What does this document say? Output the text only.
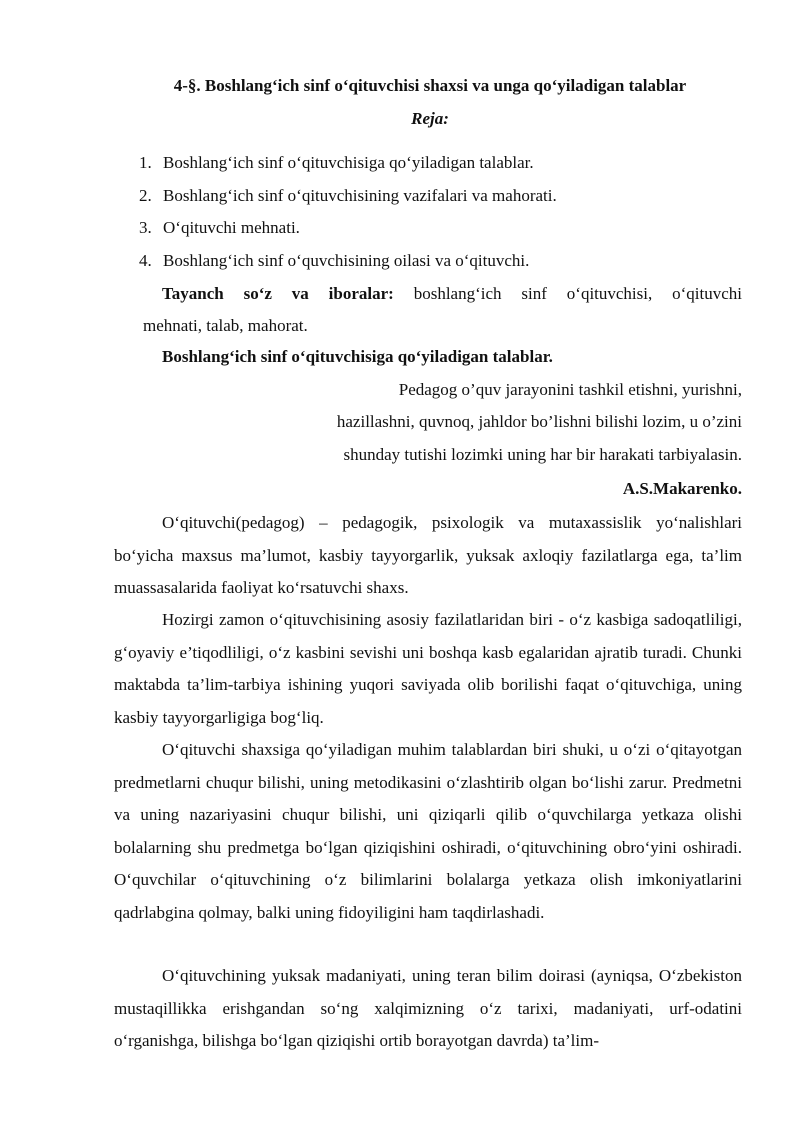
4-§. Boshlang‘ich sinf o‘qituvchisi shaxsi va unga qo‘yiladigan talablar
Reja:
1. Boshlang‘ich sinf o‘qituvchisiga qo‘yiladigan talablar.
2. Boshlang‘ich sinf o‘qituvchisining vazifalari va mahorati.
3. O‘qituvchi mehnati.
4. Boshlang‘ich sinf o‘quvchisining oilasi va o‘qituvchi.
Tayanch so‘z va iboralar: boshlang‘ich sinf o‘qituvchisi, o‘qituvchi
mehnati, talab, mahorat.
Boshlang‘ich sinf o‘qituvchisiga qo‘yiladigan talablar.
Pedagog o’quv jarayonini tashkil etishni, yurishni,
hazillashni, quvnoq, jahldor bo’lishni bilishi lozim, u o’zini
shunday tutishi lozimki uning har bir harakati tarbiyalasin.
A.S.Makarenko.

O‘qituvchi(pedagog) – pedagogik, psixologik va mutaxassislik yo‘nalishlari bo‘yicha maxsus ma’lumot, kasbiy tayyorgarlik, yuksak axloqiy fazilatlarga ega, ta’lim muassasalarida faoliyat ko‘rsatuvchi shaxs.

Hozirgi zamon o‘qituvchisining asosiy fazilatlaridan biri - o‘z kasbiga sadoqatliligi, g‘oyaviy e’tiqodliligi, o‘z kasbini sevishi uni boshqa kasb egalaridan ajratib turadi. Chunki maktabda ta’lim-tarbiya ishining yuqori saviyada olib borilishi faqat o‘qituvchiga, uning kasbiy tayyorgarligiga bog‘liq.

O‘qituvchi shaxsiga qo‘yiladigan muhim talablardan biri shuki, u o‘zi o‘qitayotgan predmetlarni chuqur bilishi, uning metodikasini o‘zlashtirib olgan bo‘lishi zarur. Predmetni va uning nazariyasini chuqur bilishi, uni qiziqarli qilib o‘quvchilarga yetkaza olishi bolalarning shu predmetga bo‘lgan qiziqishini oshiradi, o‘qituvchining obro‘yini oshiradi. O‘quvchilar o‘qituvchining o‘z bilimlarini bolalarga yetkaza olish imkoniyatlarini qadrlabgina qolmay, balki uning fidoyiligini ham taqdirlashadi.

O‘qituvchining yuksak madaniyati, uning teran bilim doirasi (ayniqsa, O‘zbekiston mustaqillikka erishgandan so‘ng xalqimizning o‘z tarixi, madaniyati, urf-odatini o‘rganishga, bilishga bo‘lgan qiziqishi ortib borayotgan davrda) ta’lim-
